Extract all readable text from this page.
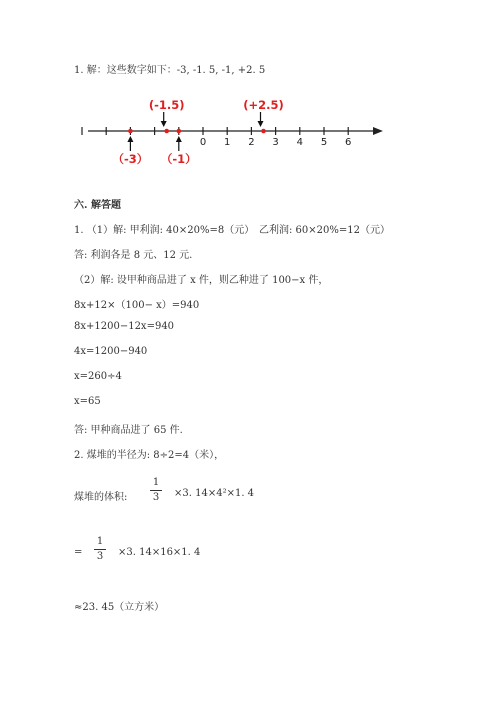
1. 解：这些数字如下：-3, -1. 5, -1, +2. 5
0 1 2 3 4 5 6
（-3）
(-1.5)
（-1）
(+2.5)
六. 解答题
1. （1）解: 甲利润: 40×20%=8（元） 乙利润: 60×20%=12（元）
答: 利润各是 8 元、12 元.
（2）解: 设甲种商品进了 x 件，则乙种进了 100−x 件，
8x+12×（100− x）=940
8x+1200−12x=940
4x=1200−940
x=260÷4
x=65
答: 甲种商品进了 65 件.
2. 煤堆的半径为: 8÷2=4（米），
煤堆的体积:
1
3	×3. 14×4²×1. 4
=
1
3	×3. 14×16×1. 4
≈23. 45（立方米）
